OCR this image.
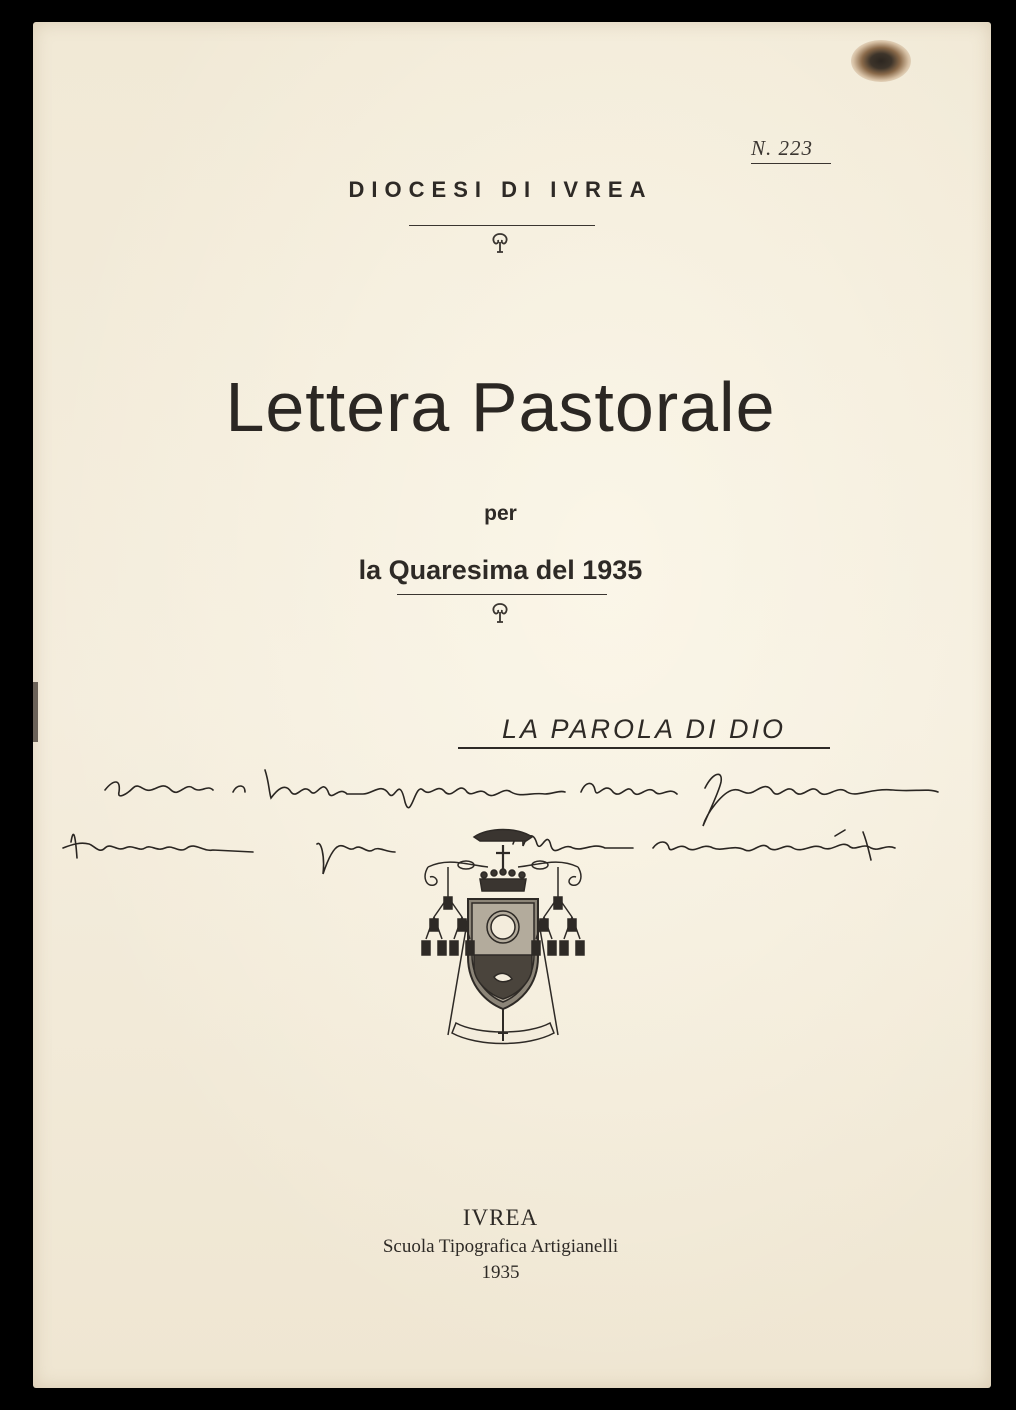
N. 223
DIOCESI DI IVREA
Lettera Pastorale
per
la Quaresima del 1935
LA PAROLA DI DIO
IVREA
Scuola Tipografica Artigianelli
1935
